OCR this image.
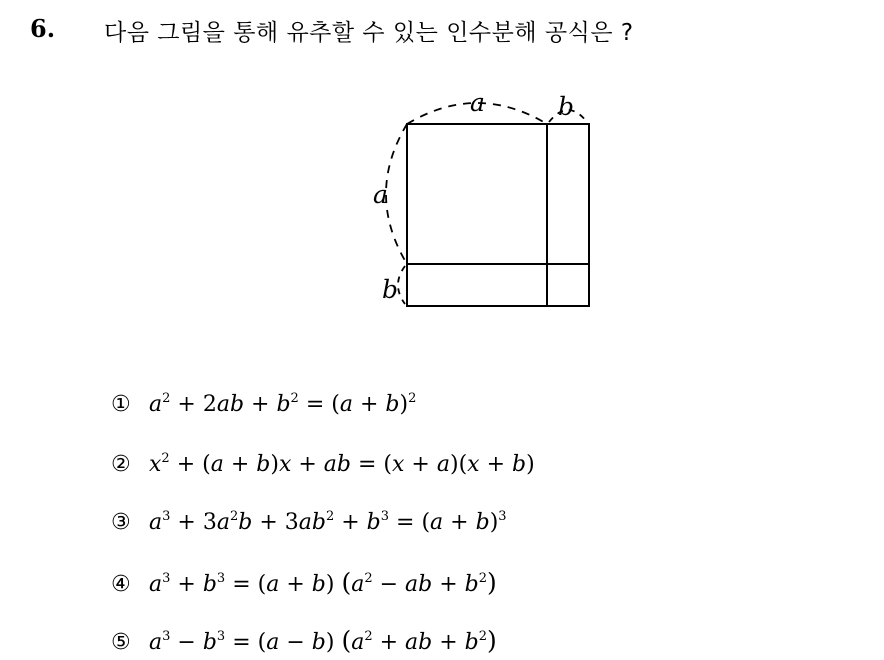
6. 다음 그림을 통해 유추할 수 있는 인수분해 공식은 ?
a	b
a
b
① $a^2 + 2ab + b^2 = (a + b)^2$
② $x^2 + (a + b)x$ + ab = (x + a)(x + b)
③ $a^3 + 3a^2b + 3ab^2 + b^3 = (a + b)^3$
④ $a^3 + b^3 = (a + b) (a^2$ − ab + $b^2$)
⑤ $a^3 - b^3 = (a - b) (a^2$ + ab + $b^2$)
